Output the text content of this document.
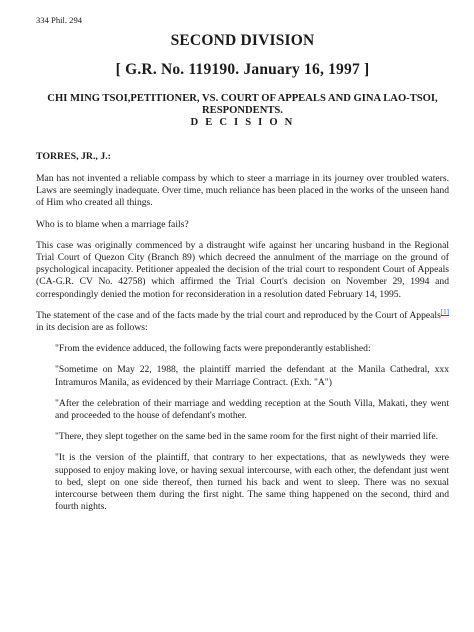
334 Phil. 294
SECOND DIVISION
[ G.R. No. 119190. January 16, 1997 ]
CHI MING TSOI,PETITIONER, VS. COURT OF APPEALS AND GINA LAO-TSOI, RESPONDENTS.
D E C I S I O N
TORRES, JR., J.:

Man has not invented a reliable compass by which to steer a marriage in its journey over troubled waters. Laws are seemingly inadequate. Over time, much reliance has been placed in the works of the unseen hand of Him who created all things.

Who is to blame when a marriage fails?

This case was originally commenced by a distraught wife against her uncaring husband in the Regional Trial Court of Quezon City (Branch 89) which decreed the annulment of the marriage on the ground of psychological incapacity. Petitioner appealed the decision of the trial court to respondent Court of Appeals (CA-G.R. CV No. 42758) which affirmed the Trial Court's decision on November 29, 1994 and correspondingly denied the motion for reconsideration in a resolution dated February 14, 1995.

The statement of the case and of the facts made by the trial court and reproduced by the Court of Appeals[1] in its decision are as follows:

"From the evidence adduced, the following facts were preponderantly established:

"Sometime on May 22, 1988, the plaintiff married the defendant at the Manila Cathedral, xxx Intramuros Manila, as evidenced by their Marriage Contract. (Exh. "A")

"After the celebration of their marriage and wedding reception at the South Villa, Makati, they went and proceeded to the house of defendant's mother.

"There, they slept together on the same bed in the same room for the first night of their married life.

"It is the version of the plaintiff, that contrary to her expectations, that as newlyweds they were supposed to enjoy making love, or having sexual intercourse, with each other, the defendant just went to bed, slept on one side thereof, then turned his back and went to sleep. There was no sexual intercourse between them during the first night. The same thing happened on the second, third and fourth nights.
